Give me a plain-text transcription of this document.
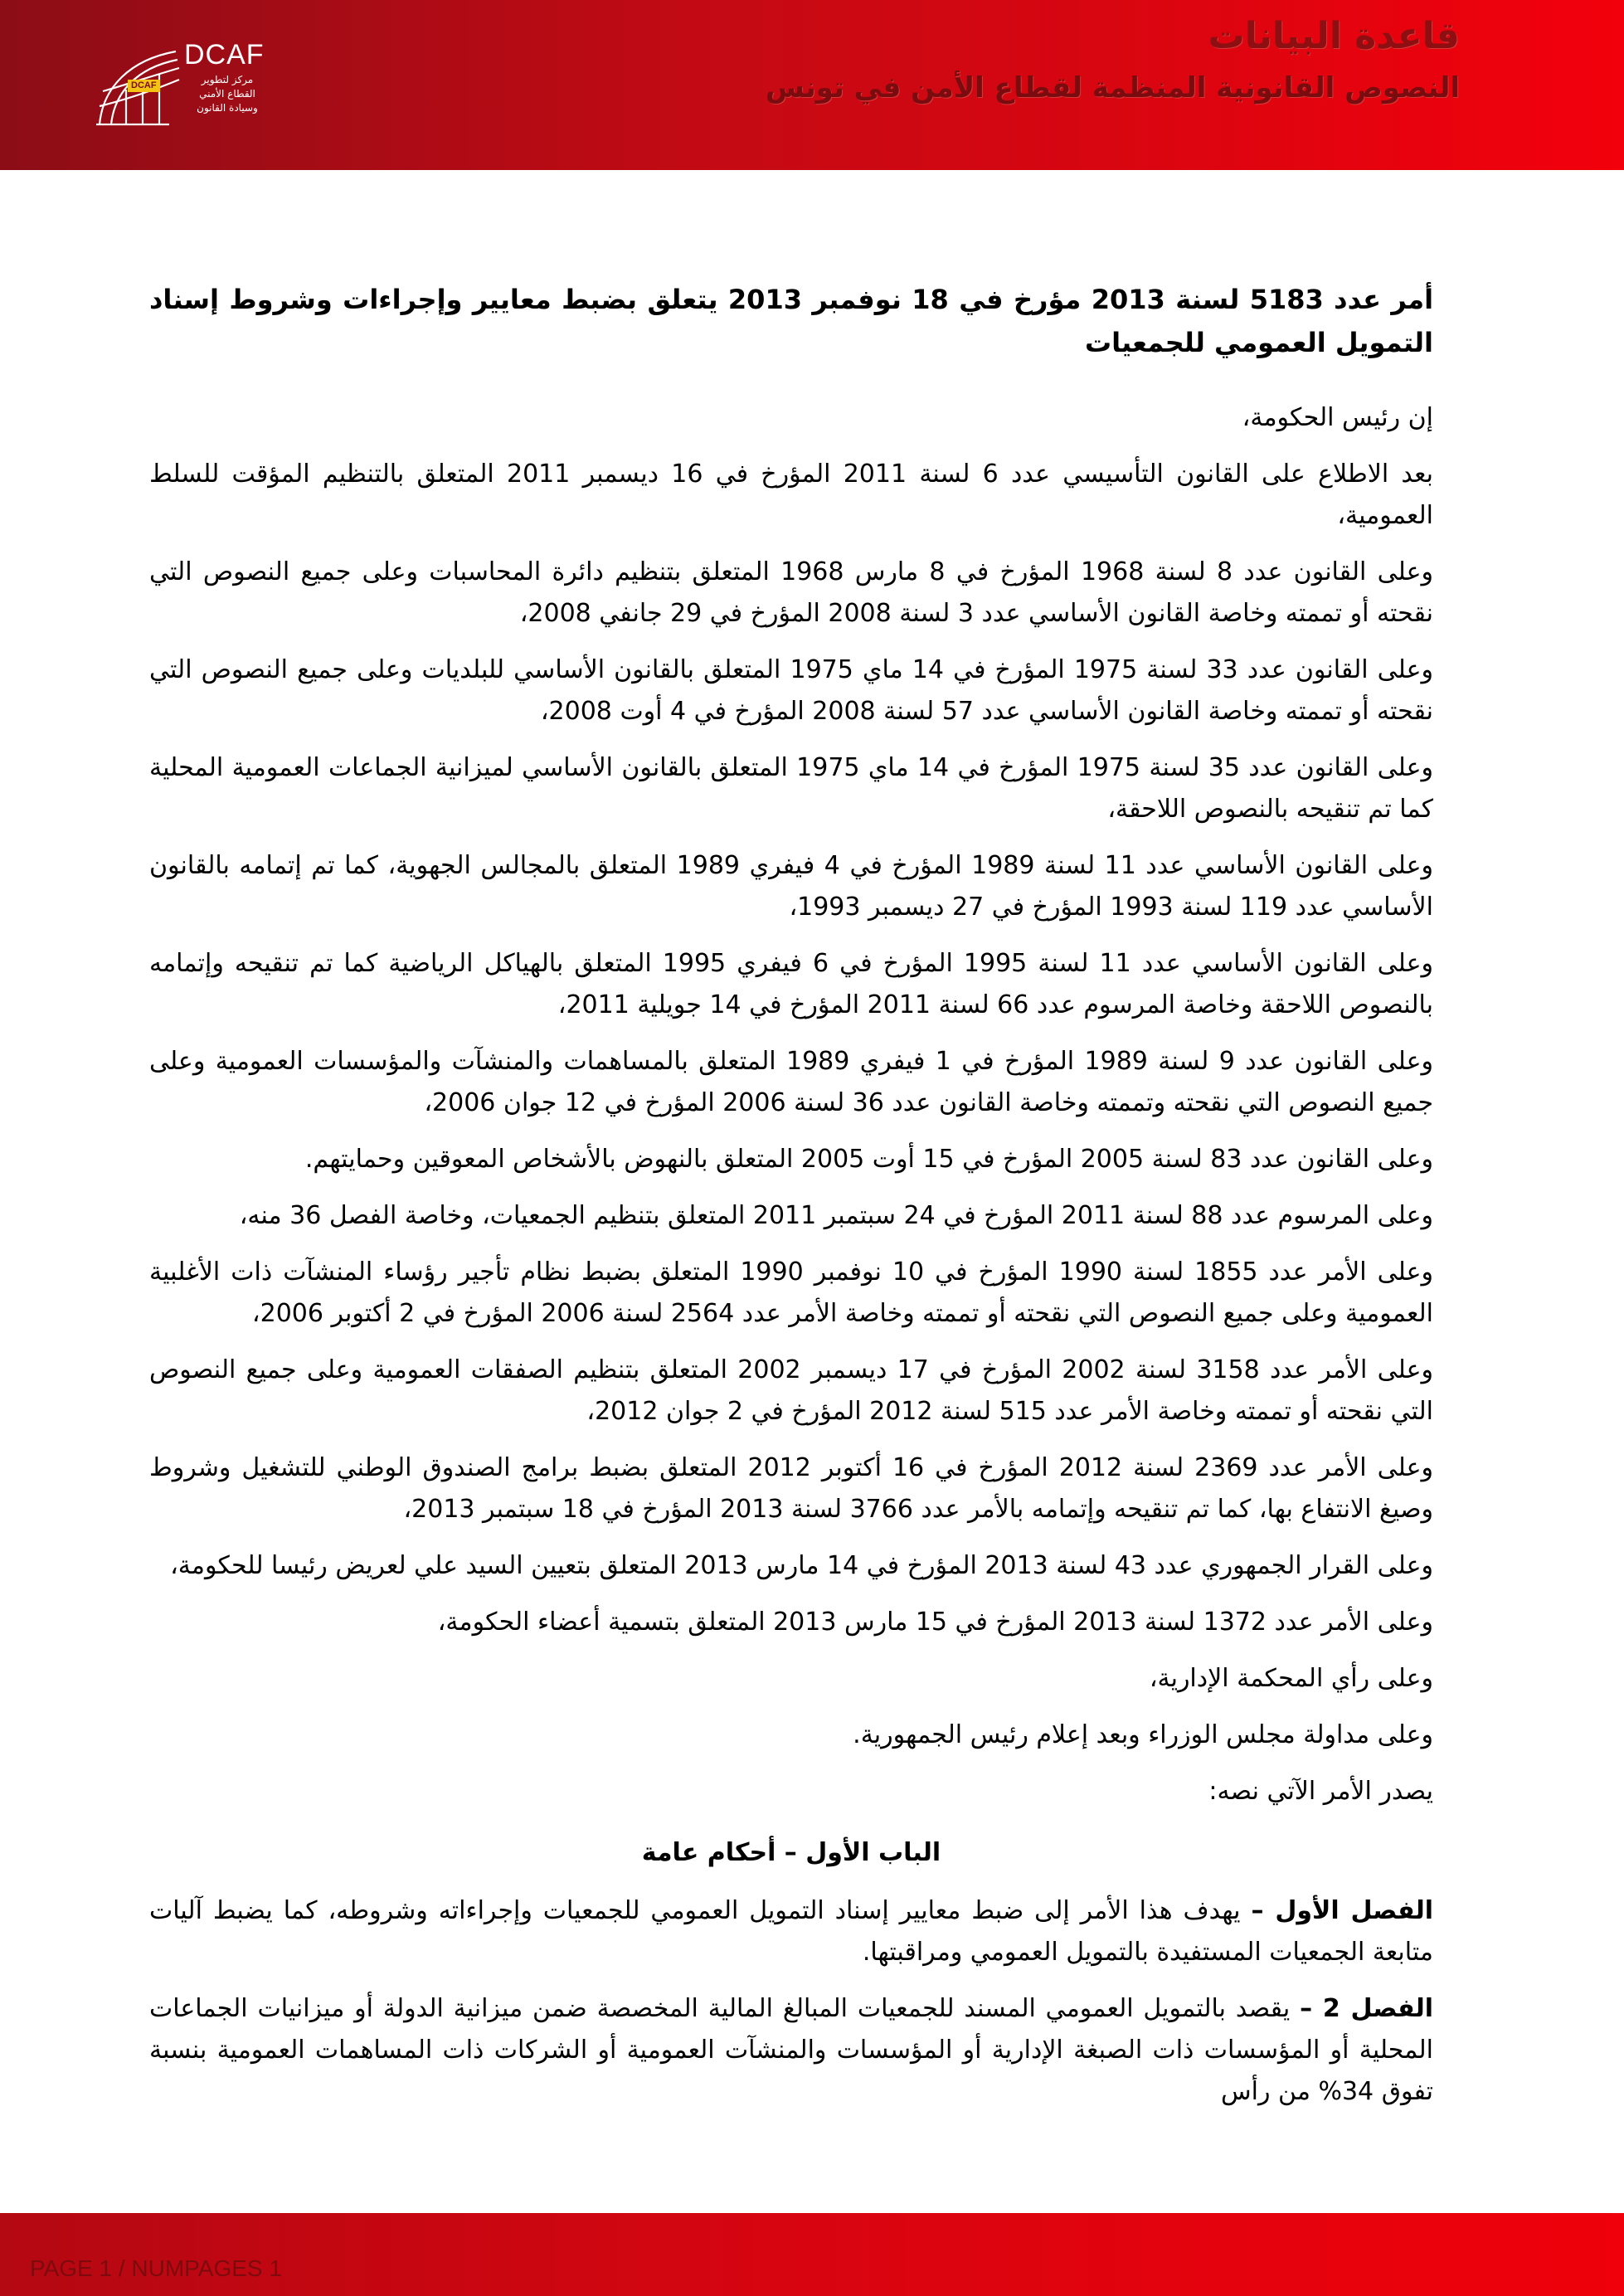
DCAF
DCAF
مركز لتطوير
القطاع الأمني
وسيادة القانون
قاعدة البيانات
النصوص القانونية المنظمة لقطاع الأمن في تونس
أمر عدد 5183 لسنة 2013 مؤرخ في 18 نوفمبر 2013 يتعلق بضبط معايير وإجراءات وشروط إسناد التمويل العمومي للجمعيات

إن رئيس الحكومة،

بعد الاطلاع على القانون التأسيسي عدد 6 لسنة 2011 المؤرخ في 16 ديسمبر 2011 المتعلق بالتنظيم المؤقت للسلط العمومية،

وعلى القانون عدد 8 لسنة 1968 المؤرخ في 8 مارس 1968 المتعلق بتنظيم دائرة المحاسبات وعلى جميع النصوص التي نقحته أو تممته وخاصة القانون الأساسي عدد 3 لسنة 2008 المؤرخ في 29 جانفي 2008،

وعلى القانون عدد 33 لسنة 1975 المؤرخ في 14 ماي 1975 المتعلق بالقانون الأساسي للبلديات وعلى جميع النصوص التي نقحته أو تممته وخاصة القانون الأساسي عدد 57 لسنة 2008 المؤرخ في 4 أوت 2008،

وعلى القانون عدد 35 لسنة 1975 المؤرخ في 14 ماي 1975 المتعلق بالقانون الأساسي لميزانية الجماعات العمومية المحلية كما تم تنقيحه بالنصوص اللاحقة،

وعلى القانون الأساسي عدد 11 لسنة 1989 المؤرخ في 4 فيفري 1989 المتعلق بالمجالس الجهوية، كما تم إتمامه بالقانون الأساسي عدد 119 لسنة 1993 المؤرخ في 27 ديسمبر 1993،

وعلى القانون الأساسي عدد 11 لسنة 1995 المؤرخ في 6 فيفري 1995 المتعلق بالهياكل الرياضية كما تم تنقيحه وإتمامه بالنصوص اللاحقة وخاصة المرسوم عدد 66 لسنة 2011 المؤرخ في 14 جويلية 2011،

وعلى القانون عدد 9 لسنة 1989 المؤرخ في 1 فيفري 1989 المتعلق بالمساهمات والمنشآت والمؤسسات العمومية وعلى جميع النصوص التي نقحته وتممته وخاصة القانون عدد 36 لسنة 2006 المؤرخ في 12 جوان 2006،

وعلى القانون عدد 83 لسنة 2005 المؤرخ في 15 أوت 2005 المتعلق بالنهوض بالأشخاص المعوقين وحمايتهم.

وعلى المرسوم عدد 88 لسنة 2011 المؤرخ في 24 سبتمبر 2011 المتعلق بتنظيم الجمعيات، وخاصة الفصل 36 منه،

وعلى الأمر عدد 1855 لسنة 1990 المؤرخ في 10 نوفمبر 1990 المتعلق بضبط نظام تأجير رؤساء المنشآت ذات الأغلبية العمومية وعلى جميع النصوص التي نقحته أو تممته وخاصة الأمر عدد 2564 لسنة 2006 المؤرخ في 2 أكتوبر 2006،

وعلى الأمر عدد 3158 لسنة 2002 المؤرخ في 17 ديسمبر 2002 المتعلق بتنظيم الصفقات العمومية وعلى جميع النصوص التي نقحته أو تممته وخاصة الأمر عدد 515 لسنة 2012 المؤرخ في 2 جوان 2012،

وعلى الأمر عدد 2369 لسنة 2012 المؤرخ في 16 أكتوبر 2012 المتعلق بضبط برامج الصندوق الوطني للتشغيل وشروط وصيغ الانتفاع بها، كما تم تنقيحه وإتمامه بالأمر عدد 3766 لسنة 2013 المؤرخ في 18 سبتمبر 2013،

وعلى القرار الجمهوري عدد 43 لسنة 2013 المؤرخ في 14 مارس 2013 المتعلق بتعيين السيد علي لعريض رئيسا للحكومة،

وعلى الأمر عدد 1372 لسنة 2013 المؤرخ في 15 مارس 2013 المتعلق بتسمية أعضاء الحكومة،

وعلى رأي المحكمة الإدارية،

وعلى مداولة مجلس الوزراء وبعد إعلام رئيس الجمهورية.

يصدر الأمر الآتي نصه:

الباب الأول – أحكام عامة

الفصل الأول – يهدف هذا الأمر إلى ضبط معايير إسناد التمويل العمومي للجمعيات وإجراءاته وشروطه، كما يضبط آليات متابعة الجمعيات المستفيدة بالتمويل العمومي ومراقبتها.

الفصل 2 – يقصد بالتمويل العمومي المسند للجمعيات المبالغ المالية المخصصة ضمن ميزانية الدولة أو ميزانيات الجماعات المحلية أو المؤسسات ذات الصبغة الإدارية أو المؤسسات والمنشآت العمومية أو الشركات ذات المساهمات العمومية بنسبة تفوق 34% من رأس

PAGE 1 / NUMPAGES 1
